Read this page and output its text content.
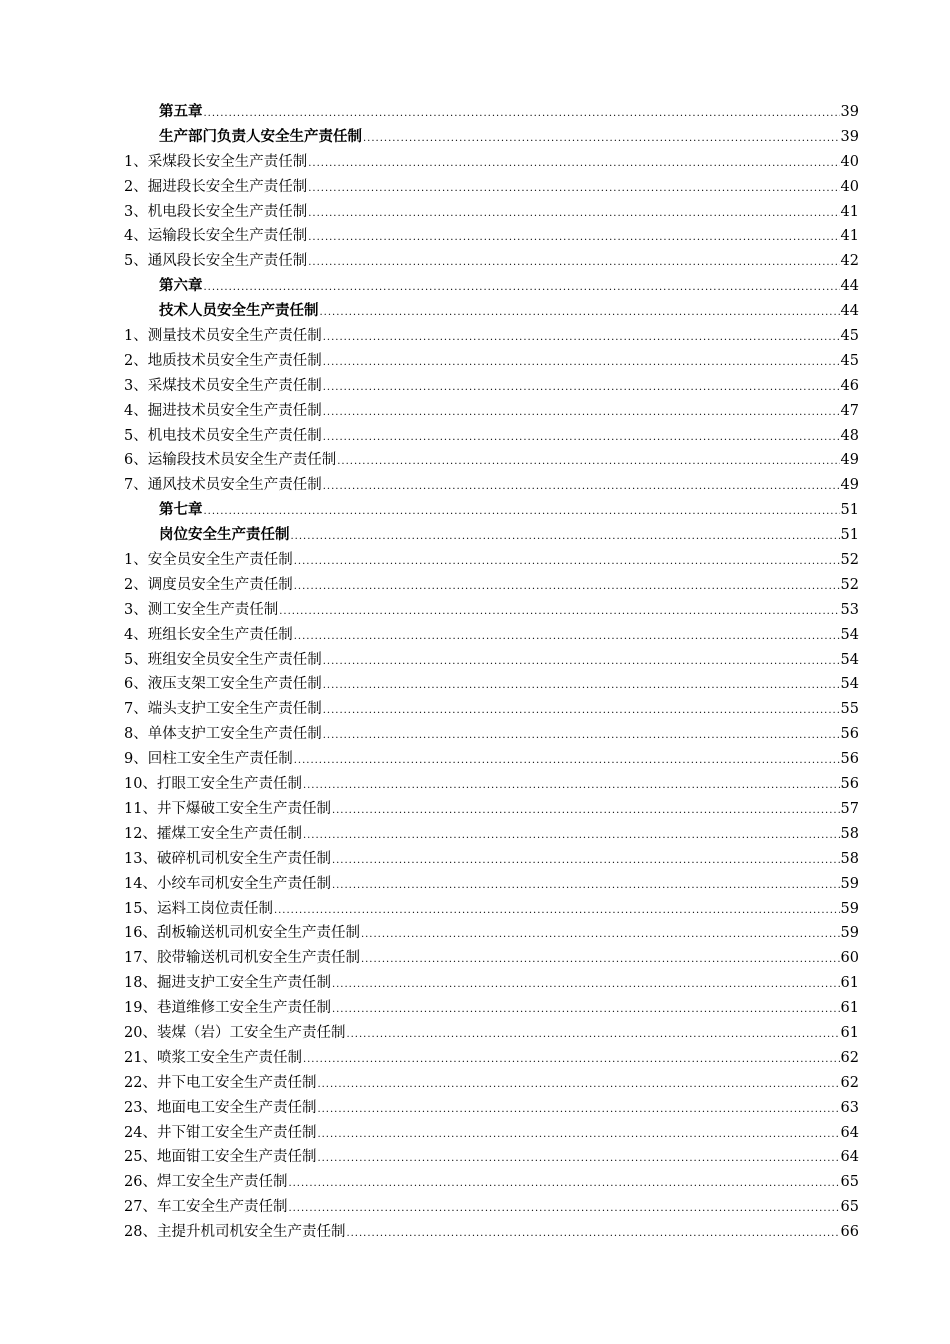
第五章 .....	39
生产部门负责人安全生产责任制 .....	39
1、采煤段长安全生产责任制 .....	40
2、掘进段长安全生产责任制 .....	40
3、机电段长安全生产责任制 .....	41
4、运输段长安全生产责任制 .....	41
5、通风段长安全生产责任制 .....	42
第六章 .....	44
技术人员安全生产责任制 .....	44
1、测量技术员安全生产责任制 .....	45
2、地质技术员安全生产责任制 .....	45
3、采煤技术员安全生产责任制 .....	46
4、掘进技术员安全生产责任制 .....	47
5、机电技术员安全生产责任制 .....	48
6、运输段技术员安全生产责任制 .....	49
7、通风技术员安全生产责任制 .....	49
第七章 .....	51
岗位安全生产责任制 .....	51
1、安全员安全生产责任制 .....	52
2、调度员安全生产责任制 .....	52
3、测工安全生产责任制 .....	53
4、班组长安全生产责任制 .....	54
5、班组安全员安全生产责任制 .....	54
6、液压支架工安全生产责任制 .....	54
7、端头支护工安全生产责任制 .....	55
8、单体支护工安全生产责任制 .....	56
9、回柱工安全生产责任制 .....	56
10、打眼工安全生产责任制 .....	56
11、井下爆破工安全生产责任制 .....	57
12、攉煤工安全生产责任制 .....	58
13、破碎机司机安全生产责任制 .....	58
14、小绞车司机安全生产责任制 .....	59
15、运料工岗位责任制 .....	59
16、刮板输送机司机安全生产责任制 .....	59
17、胶带输送机司机安全生产责任制 .....	60
18、掘进支护工安全生产责任制 .....	61
19、巷道维修工安全生产责任制 .....	61
20、装煤（岩）工安全生产责任制 .....	61
21、喷浆工安全生产责任制 .....	62
22、井下电工安全生产责任制 .....	62
23、地面电工安全生产责任制 .....	63
24、井下钳工安全生产责任制 .....	64
25、地面钳工安全生产责任制 .....	64
26、焊工安全生产责任制 .....	65
27、车工安全生产责任制 .....	65
28、主提升机司机安全生产责任制 .....	66
